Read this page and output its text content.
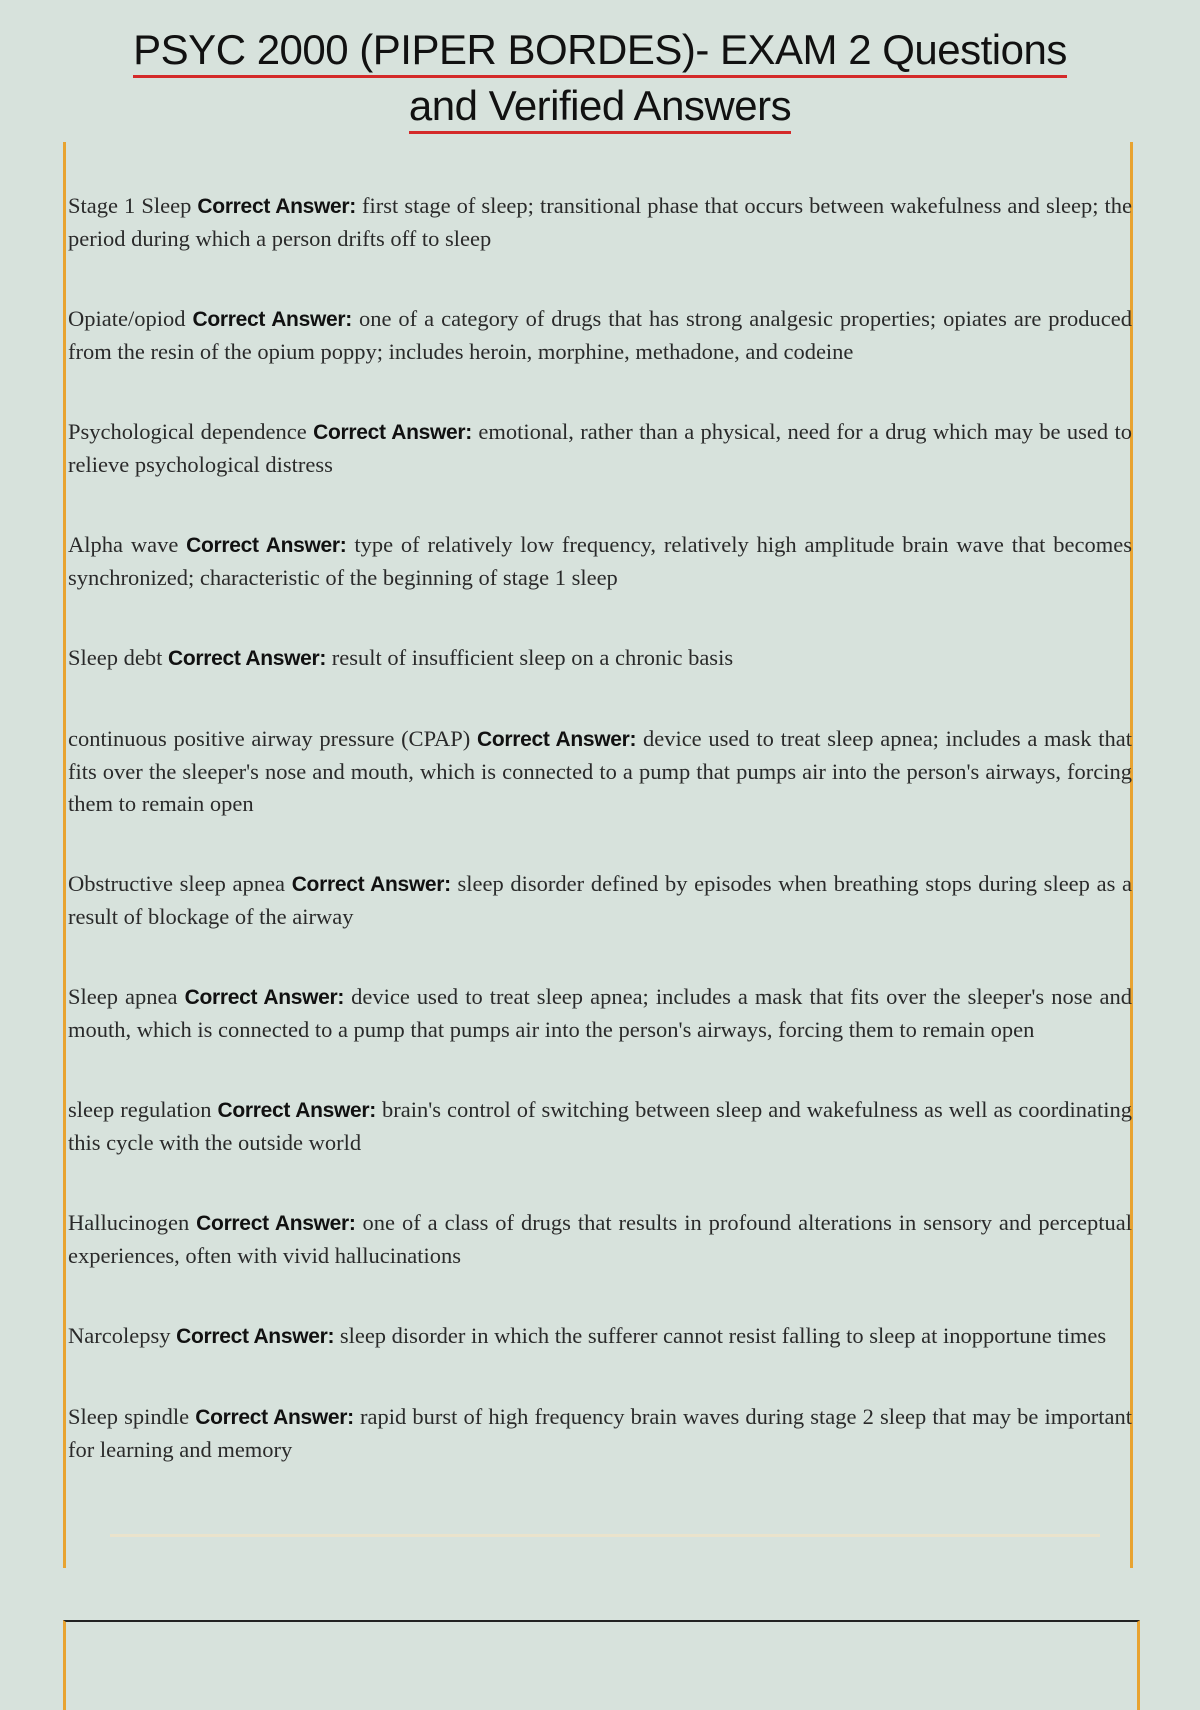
PSYC 2000 (PIPER BORDES)- EXAM 2 Questions
and Verified Answers
Stage 1 Sleep Correct Answer: first stage of sleep; transitional phase that occurs between wakefulness and sleep; the period during which a person drifts off to sleep
Opiate/opiod Correct Answer: one of a category of drugs that has strong analgesic properties; opiates are produced from the resin of the opium poppy; includes heroin, morphine, methadone, and codeine
Psychological dependence Correct Answer: emotional, rather than a physical, need for a drug which may be used to relieve psychological distress
Alpha wave Correct Answer: type of relatively low frequency, relatively high amplitude brain wave that becomes synchronized; characteristic of the beginning of stage 1 sleep
Sleep debt Correct Answer: result of insufficient sleep on a chronic basis
continuous positive airway pressure (CPAP) Correct Answer: device used to treat sleep apnea; includes a mask that fits over the sleeper's nose and mouth, which is connected to a pump that pumps air into the person's airways, forcing them to remain open
Obstructive sleep apnea Correct Answer: sleep disorder defined by episodes when breathing stops during sleep as a result of blockage of the airway
Sleep apnea Correct Answer: device used to treat sleep apnea; includes a mask that fits over the sleeper's nose and mouth, which is connected to a pump that pumps air into the person's airways, forcing them to remain open
sleep regulation Correct Answer: brain's control of switching between sleep and wakefulness as well as coordinating this cycle with the outside world
Hallucinogen Correct Answer: one of a class of drugs that results in profound alterations in sensory and perceptual experiences, often with vivid hallucinations
Narcolepsy Correct Answer: sleep disorder in which the sufferer cannot resist falling to sleep at inopportune times
Sleep spindle Correct Answer: rapid burst of high frequency brain waves during stage 2 sleep that may be important for learning and memory
